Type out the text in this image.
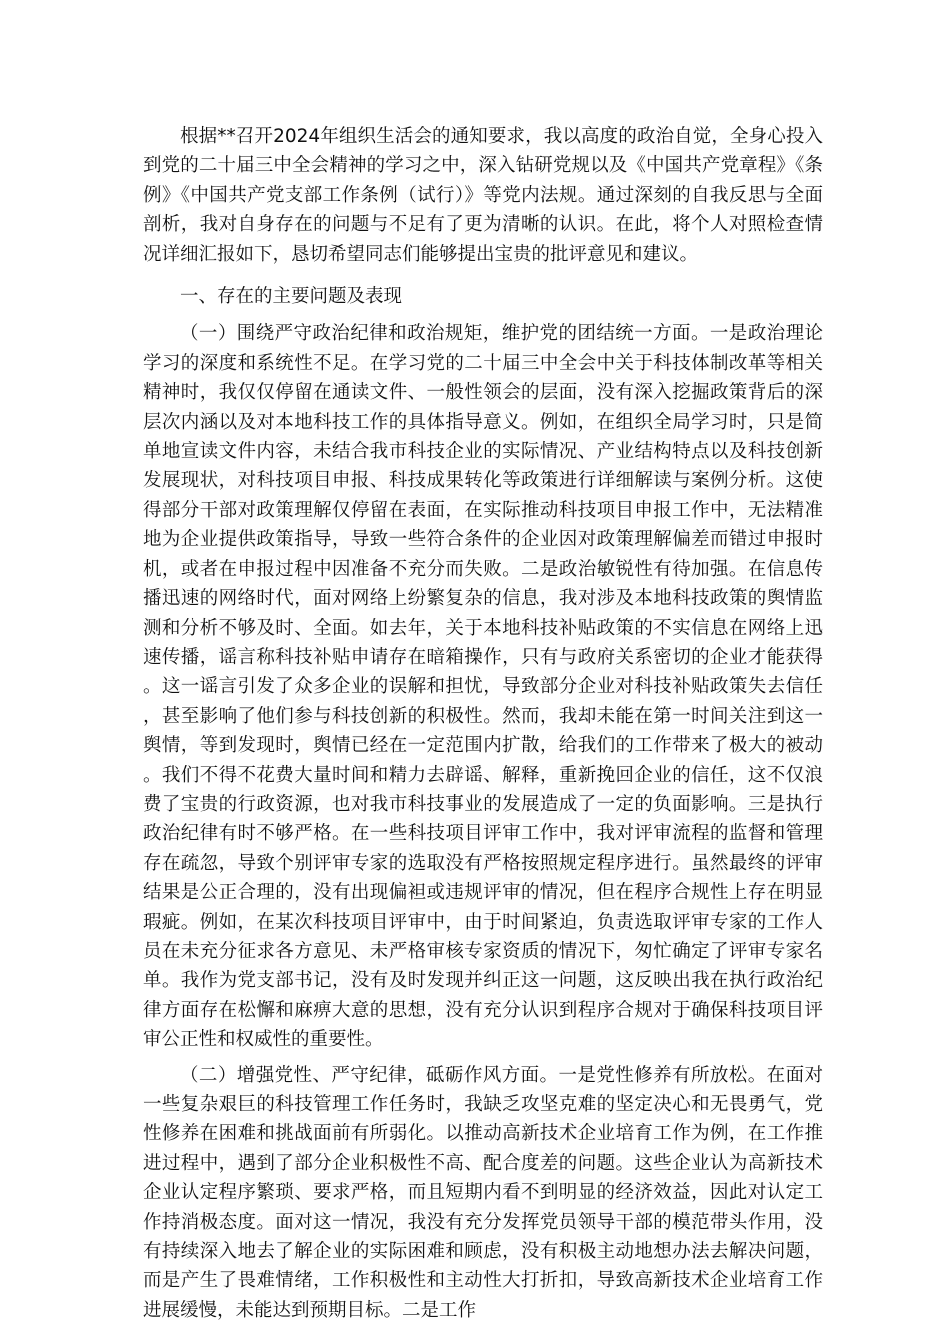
根据**召开2024年组织生活会的通知要求，我以高度的政治自觉，全身心投入到党的二十届三中全会精神的学习之中，深入钻研党规以及《中国共产党章程》《条例》《中国共产党支部工作条例（试行）》等党内法规。通过深刻的自我反思与全面剖析，我对自身存在的问题与不足有了更为清晰的认识。在此，将个人对照检查情况详细汇报如下，恳切希望同志们能够提出宝贵的批评意见和建议。

一、存在的主要问题及表现

（一）围绕严守政治纪律和政治规矩，维护党的团结统一方面。一是政治理论学习的深度和系统性不足。在学习党的二十届三中全会中关于科技体制改革等相关精神时，我仅仅停留在通读文件、一般性领会的层面，没有深入挖掘政策背后的深层次内涵以及对本地科技工作的具体指导意义。例如，在组织全局学习时，只是简单地宣读文件内容，未结合我市科技企业的实际情况、产业结构特点以及科技创新发展现状，对科技项目申报、科技成果转化等政策进行详细解读与案例分析。这使得部分干部对政策理解仅停留在表面，在实际推动科技项目申报工作中，无法精准地为企业提供政策指导，导致一些符合条件的企业因对政策理解偏差而错过申报时机，或者在申报过程中因准备不充分而失败。二是政治敏锐性有待加强。在信息传播迅速的网络时代，面对网络上纷繁复杂的信息，我对涉及本地科技政策的舆情监测和分析不够及时、全面。如去年，关于本地科技补贴政策的不实信息在网络上迅速传播，谣言称科技补贴申请存在暗箱操作，只有与政府关系密切的企业才能获得。这一谣言引发了众多企业的误解和担忧，导致部分企业对科技补贴政策失去信任，甚至影响了他们参与科技创新的积极性。然而，我却未能在第一时间关注到这一舆情，等到发现时，舆情已经在一定范围内扩散，给我们的工作带来了极大的被动。我们不得不花费大量时间和精力去辟谣、解释，重新挽回企业的信任，这不仅浪费了宝贵的行政资源，也对我市科技事业的发展造成了一定的负面影响。三是执行政治纪律有时不够严格。在一些科技项目评审工作中，我对评审流程的监督和管理存在疏忽，导致个别评审专家的选取没有严格按照规定程序进行。虽然最终的评审结果是公正合理的，没有出现偏袒或违规评审的情况，但在程序合规性上存在明显瑕疵。例如，在某次科技项目评审中，由于时间紧迫，负责选取评审专家的工作人员在未充分征求各方意见、未严格审核专家资质的情况下，匆忙确定了评审专家名单。我作为党支部书记，没有及时发现并纠正这一问题，这反映出我在执行政治纪律方面存在松懈和麻痹大意的思想，没有充分认识到程序合规对于确保科技项目评审公正性和权威性的重要性。

（二）增强党性、严守纪律，砥砺作风方面。一是党性修养有所放松。在面对一些复杂艰巨的科技管理工作任务时，我缺乏攻坚克难的坚定决心和无畏勇气，党性修养在困难和挑战面前有所弱化。以推动高新技术企业培育工作为例，在工作推进过程中，遇到了部分企业积极性不高、配合度差的问题。这些企业认为高新技术企业认定程序繁琐、要求严格，而且短期内看不到明显的经济效益，因此对认定工作持消极态度。面对这一情况，我没有充分发挥党员领导干部的模范带头作用，没有持续深入地去了解企业的实际困难和顾虑，没有积极主动地想办法去解决问题，而是产生了畏难情绪，工作积极性和主动性大打折扣，导致高新技术企业培育工作进展缓慢，未能达到预期目标。二是工作
